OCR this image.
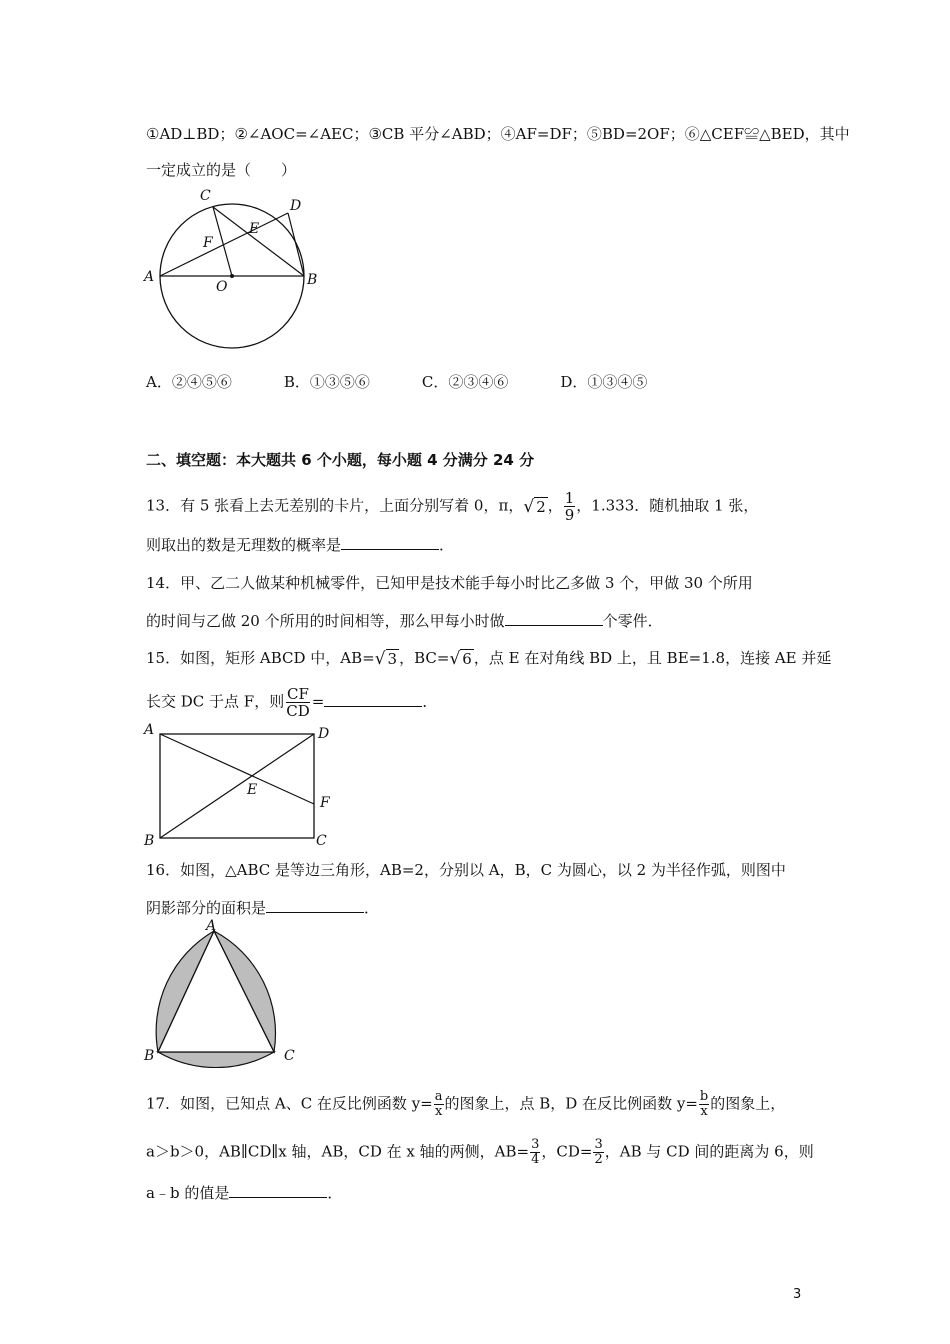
①AD⊥BD；②∠AOC=∠AEC；③CB 平分∠ABD；④AF=DF；⑤BD=2OF；⑥△CEF≌△BED，其中
一定成立的是（　　）
C
D
E
F
A
O	B
A．②④⑤⑥	B．①③⑤⑥	C．②③④⑥	D．①③④⑤
二、填空题：本大题共 6 个小题，每小题 4 分满分 24 分
13．有 5 张看上去无差别的卡片，上面分别写着 0，π，√ 2 ， $\frac{1}{9}$ ，1.333．随机抽取 1 张，
则取出的数是无理数的概率是	．
14．甲、乙二人做某种机械零件，已知甲是技术能手每小时比乙多做 3 个，甲做 30 个所用
的时间与乙做 20 个所用的时间相等，那么甲每小时做	个零件．
15．如图，矩形 ABCD 中，AB=√ 3 ，BC=√ 6 ，点 E 在对角线 BD 上，且 BE=1.8，连接 AE 并延
长交 DC 于点 F，则 $\frac{CF}{CD}$ =	．
A	D
E
F
B	C
16．如图，△ABC 是等边三角形，AB=2，分别以 A，B，C 为圆心，以 2 为半径作弧，则图中
阴影部分的面积是	．
A
B	C
17．如图，已知点 A、C 在反比例函数 $y= \frac{a}{x}$ 的图象上，点 B，D 在反比例函数 $y= \frac{b}{x}$ 的图象上，
a＞b＞0，AB∥CD∥x 轴，AB，CD 在 x 轴的两侧，$AB= \frac{3}{4}$ ，$CD= \frac{3}{2}$ ，AB 与 CD 间的距离为 6，则
a﹣b 的值是	．
3
